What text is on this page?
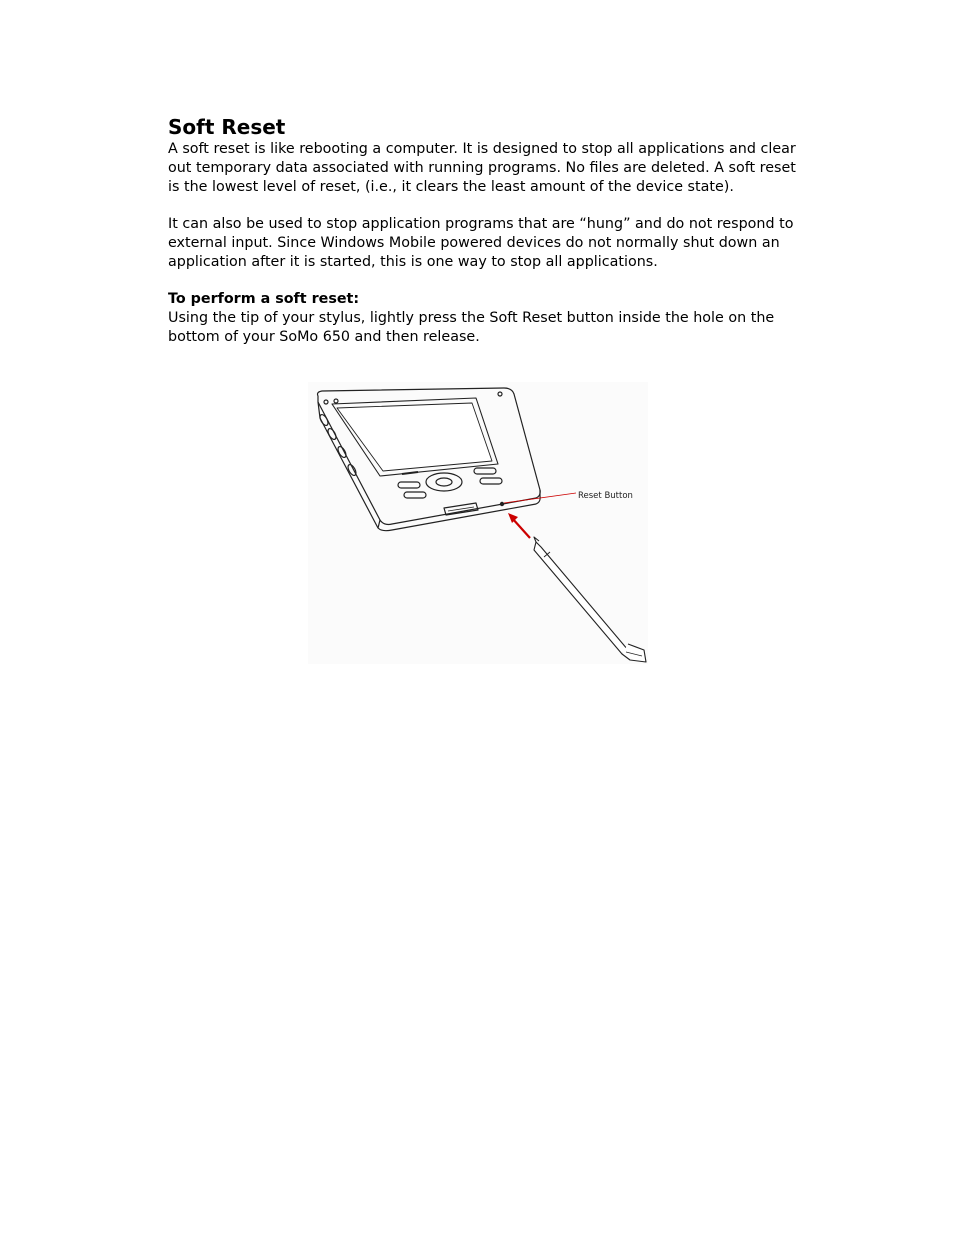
Soft Reset

A soft reset is like rebooting a computer. It is designed to stop all applications and clear out temporary data associated with running programs. No files are deleted. A soft reset is the lowest level of reset, (i.e., it clears the least amount of the device state).

It can also be used to stop application programs that are “hung” and do not respond to external input. Since Windows Mobile powered devices do not normally shut down an application after it is started, this is one way to stop all applications.

To perform a soft reset:

Using the tip of your stylus, lightly press the Soft Reset button inside the hole on the bottom of your SoMo 650 and then release.

Reset Button
